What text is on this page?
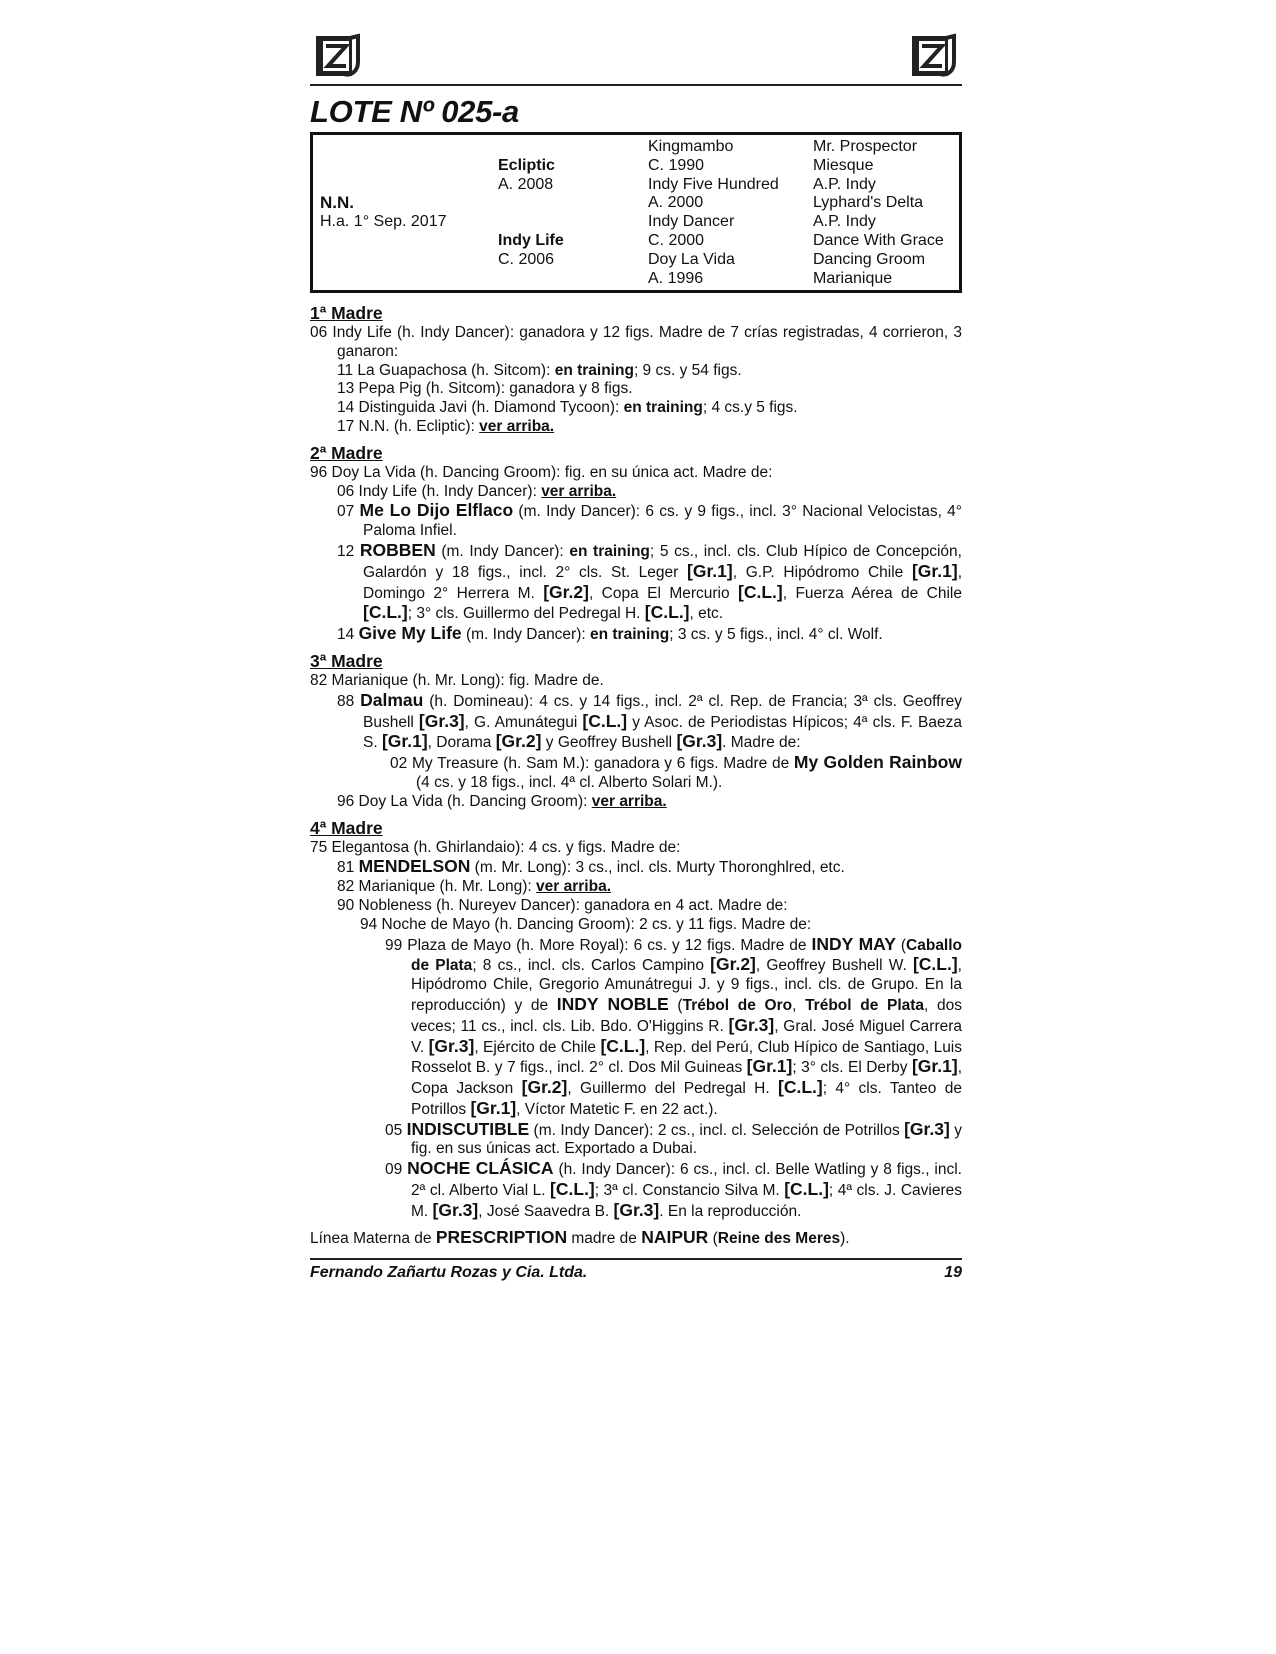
LOTE Nº 025-a
N.N.
H.a. 1° Sep. 2017
Ecliptic
A. 2008
Indy Life
C. 2006
Kingmambo
C. 1990
Indy Five Hundred
A. 2000
Indy Dancer
C. 2000
Doy La Vida
A. 1996
Mr. Prospector
Miesque
A.P. Indy
Lyphard's Delta
A.P. Indy
Dance With Grace
Dancing Groom
Marianique
1ª Madre
06 Indy Life (h. Indy Dancer): ganadora y 12 figs. Madre de 7 crías registradas, 4 corrieron, 3 ganaron:
11 La Guapachosa (h. Sitcom): en training; 9 cs. y 54 figs.
13 Pepa Pig (h. Sitcom): ganadora y 8 figs.
14 Distinguida Javi (h. Diamond Tycoon): en training; 4 cs.y 5 figs.
17 N.N. (h. Ecliptic): ver arriba.
2ª Madre
96 Doy La Vida (h. Dancing Groom): fig. en su única act. Madre de:
06 Indy Life (h. Indy Dancer): ver arriba.
07 Me Lo Dijo Elflaco (m. Indy Dancer): 6 cs. y 9 figs., incl. 3° Nacional Velocistas, 4° Paloma Infiel.
12 ROBBEN (m. Indy Dancer): en training; 5 cs., incl. cls. Club Hípico de Concepción, Galardón y 18 figs., incl. 2° cls. St. Leger [Gr.1], G.P. Hipódromo Chile [Gr.1], Domingo 2° Herrera M. [Gr.2], Copa El Mercurio [C.L.], Fuerza Aérea de Chile [C.L.]; 3° cls. Guillermo del Pedregal H. [C.L.], etc.
14 Give My Life (m. Indy Dancer): en training; 3 cs. y 5 figs., incl. 4° cl. Wolf.
3ª Madre
82 Marianique (h. Mr. Long): fig. Madre de.
88 Dalmau (h. Domineau): 4 cs. y 14 figs., incl. 2ª cl. Rep. de Francia; 3ª cls. Geoffrey Bushell [Gr.3], G. Amunátegui [C.L.] y Asoc. de Periodistas Hípicos; 4ª cls. F. Baeza S. [Gr.1], Dorama [Gr.2] y Geoffrey Bushell [Gr.3]. Madre de:
02 My Treasure (h. Sam M.): ganadora y 6 figs. Madre de My Golden Rainbow (4 cs. y 18 figs., incl. 4ª cl. Alberto Solari M.).
96 Doy La Vida (h. Dancing Groom): ver arriba.
4ª Madre
75 Elegantosa (h. Ghirlandaio): 4 cs. y figs. Madre de:
81 MENDELSON (m. Mr. Long): 3 cs., incl. cls. Murty Thoronghlred, etc.
82 Marianique (h. Mr. Long): ver arriba.
90 Nobleness (h. Nureyev Dancer): ganadora en 4 act. Madre de:
94 Noche de Mayo (h. Dancing Groom): 2 cs. y 11 figs. Madre de:
99 Plaza de Mayo (h. More Royal): 6 cs. y 12 figs. Madre de INDY MAY (Caballo de Plata; 8 cs., incl. cls. Carlos Campino [Gr.2], Geoffrey Bushell W. [C.L.], Hipódromo Chile, Gregorio Amunátregui J. y 9 figs., incl. cls. de Grupo. En la reproducción) y de INDY NOBLE (Trébol de Oro, Trébol de Plata, dos veces; 11 cs., incl. cls. Lib. Bdo. O'Higgins R. [Gr.3], Gral. José Miguel Carrera V. [Gr.3], Ejército de Chile [C.L.], Rep. del Perú, Club Hípico de Santiago, Luis Rosselot B. y 7 figs., incl. 2° cl. Dos Mil Guineas [Gr.1]; 3° cls. El Derby [Gr.1], Copa Jackson [Gr.2], Guillermo del Pedregal H. [C.L.]; 4° cls. Tanteo de Potrillos [Gr.1], Víctor Matetic F. en 22 act.).
05 INDISCUTIBLE (m. Indy Dancer): 2 cs., incl. cl. Selección de Potrillos [Gr.3] y fig. en sus únicas act. Exportado a Dubai.
09 NOCHE CLÁSICA (h. Indy Dancer): 6 cs., incl. cl. Belle Watling y 8 figs., incl. 2ª cl. Alberto Vial L. [C.L.]; 3ª cl. Constancio Silva M. [C.L.]; 4ª cls. J. Cavieres M. [Gr.3], José Saavedra B. [Gr.3]. En la reproducción.
Línea Materna de PRESCRIPTION madre de NAIPUR (Reine des Meres).
Fernando Zañartu Rozas y Cia. Ltda.	19
